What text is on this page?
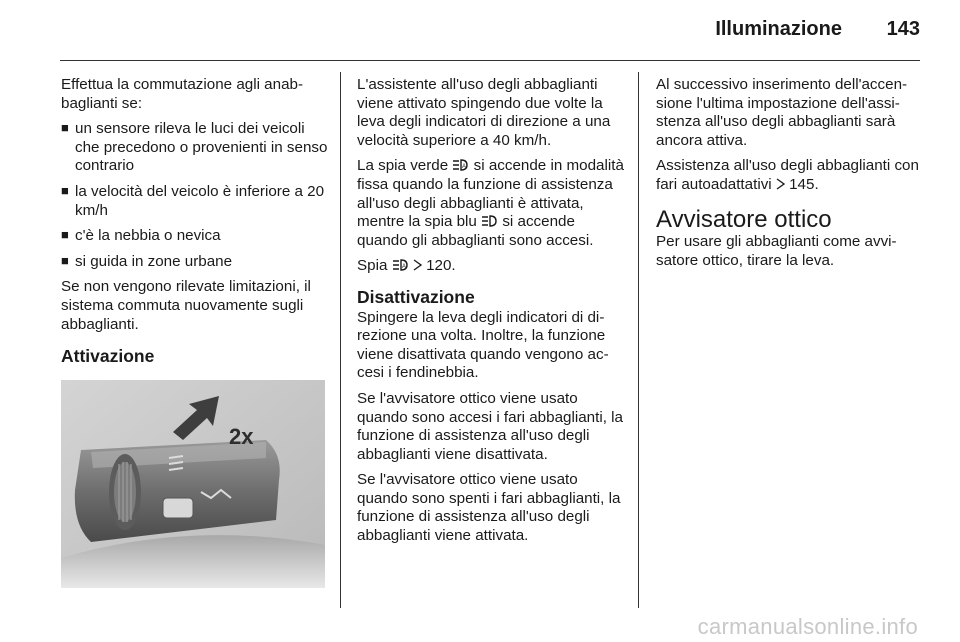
Illuminazione 143

Effettua la commutazione agli anabbaglianti se:

■ un sensore rileva le luci dei veicoli che precedono o provenienti in senso contrario
■ la velocità del veicolo è inferiore a 20 km/h
■ c'è la nebbia o nevica
■ si guida in zone urbane

Se non vengono rilevate limitazioni, il sistema commuta nuovamente sugli abbaglianti.

Attivazione
2x

L'assistente all'uso degli abbaglianti viene attivato spingendo due volte la leva degli indicatori di direzione a una velocità superiore a 40 km/h.

La spia verde A si accende in modalità fissa quando la funzione di assistenza all'uso degli abbaglianti è attivata, mentre la spia blu  si accende quando gli abbaglianti sono accesi.

Spia A 120.

Disattivazione

Spingere la leva degli indicatori di direzione una volta. Inoltre, la funzione viene disattivata quando vengono accesi i fendinebbia.

Se l'avvisatore ottico viene usato quando sono accesi i fari abbaglianti, la funzione di assistenza all'uso degli abbaglianti viene disattivata.

Se l'avvisatore ottico viene usato quando sono spenti i fari abbaglianti, la funzione di assistenza all'uso degli abbaglianti viene attivata.

Al successivo inserimento dell'accensione l'ultima impostazione dell'assistenza all'uso degli abbaglianti sarà ancora attiva.

Assistenza all'uso degli abbaglianti con fari autoadattativi  145.

Avvisatore ottico

Per usare gli abbaglianti come avvisatore ottico, tirare la leva.

carmanualsonline.info
